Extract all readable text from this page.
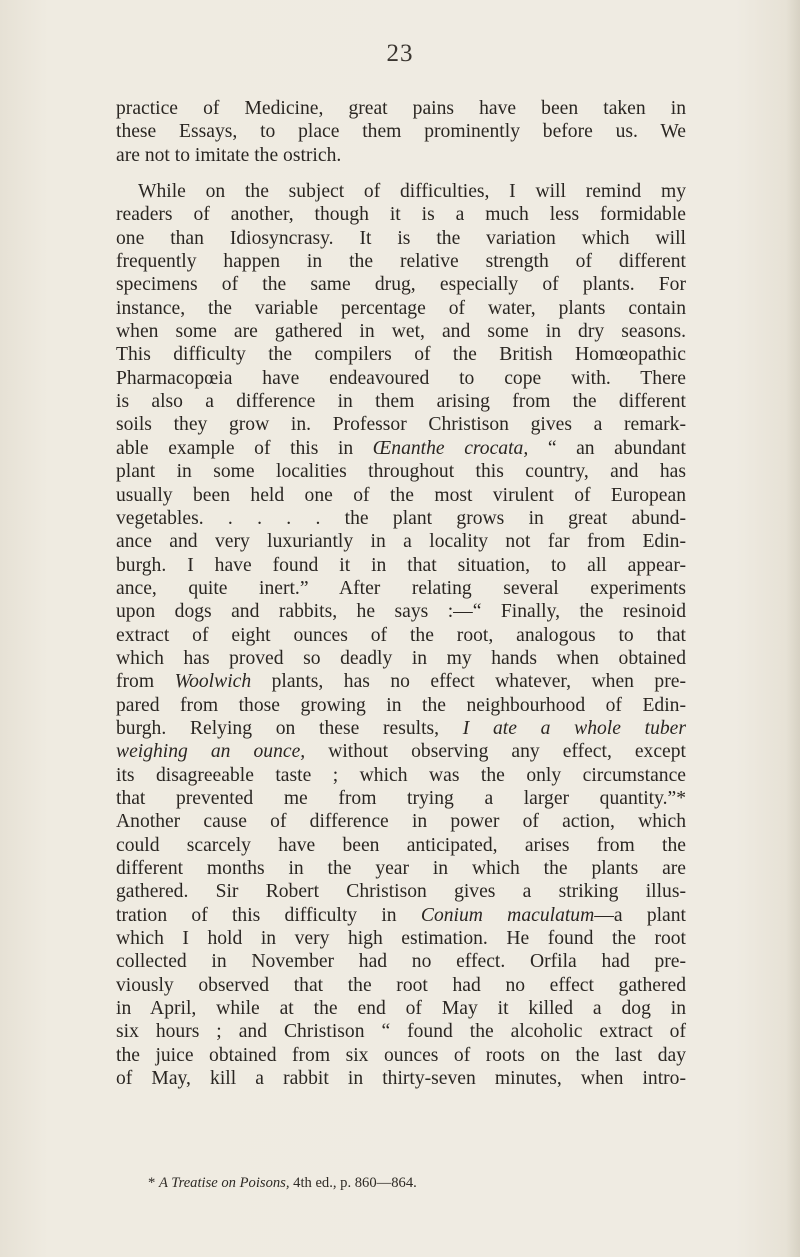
23
practice of Medicine, great pains have been taken in
these Essays, to place them prominently before us. We
are not to imitate the ostrich.
While on the subject of difficulties, I will remind my
readers of another, though it is a much less formidable
one than Idiosyncrasy. It is the variation which will
frequently happen in the relative strength of different
specimens of the same drug, especially of plants. For
instance, the variable percentage of water, plants contain
when some are gathered in wet, and some in dry seasons.
This difficulty the compilers of the British Homœopathic
Pharmacopœia have endeavoured to cope with. There
is also a difference in them arising from the different
soils they grow in. Professor Christison gives a remark-
able example of this in Œnanthe crocata, “ an abundant
plant in some localities throughout this country, and has
usually been held one of the most virulent of European
vegetables. . . . . the plant grows in great abund-
ance and very luxuriantly in a locality not far from Edin-
burgh. I have found it in that situation, to all appear-
ance, quite inert.” After relating several experiments
upon dogs and rabbits, he says :—“ Finally, the resinoid
extract of eight ounces of the root, analogous to that
which has proved so deadly in my hands when obtained
from Woolwich plants, has no effect whatever, when pre-
pared from those growing in the neighbourhood of Edin-
burgh. Relying on these results, I ate a whole tuber
weighing an ounce, without observing any effect, except
its disagreeable taste ; which was the only circumstance
that prevented me from trying a larger quantity.”*
Another cause of difference in power of action, which
could scarcely have been anticipated, arises from the
different months in the year in which the plants are
gathered. Sir Robert Christison gives a striking illus-
tration of this difficulty in Conium maculatum—a plant
which I hold in very high estimation. He found the root
collected in November had no effect. Orfila had pre-
viously observed that the root had no effect gathered
in April, while at the end of May it killed a dog in
six hours ; and Christison “ found the alcoholic extract of
the juice obtained from six ounces of roots on the last day
of May, kill a rabbit in thirty-seven minutes, when intro-
* A Treatise on Poisons, 4th ed., p. 860—864.
